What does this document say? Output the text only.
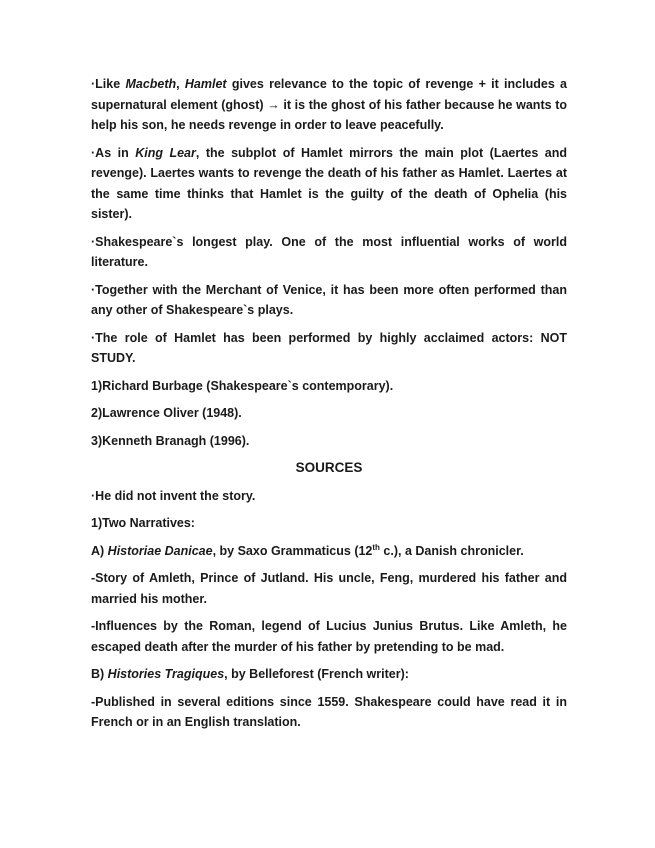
·Like Macbeth, Hamlet gives relevance to the topic of revenge + it includes a supernatural element (ghost) → it is the ghost of his father because he wants to help his son, he needs revenge in order to leave peacefully.

·As in King Lear, the subplot of Hamlet mirrors the main plot (Laertes and revenge). Laertes wants to revenge the death of his father as Hamlet. Laertes at the same time thinks that Hamlet is the guilty of the death of Ophelia (his sister).

·Shakespeare`s longest play. One of the most influential works of world literature.

·Together with the Merchant of Venice, it has been more often performed than any other of Shakespeare`s plays.

·The role of Hamlet has been performed by highly acclaimed actors: NOT STUDY.

1)Richard Burbage (Shakespeare`s contemporary).

2)Lawrence Oliver (1948).

3)Kenneth Branagh (1996).

SOURCES

·He did not invent the story.

1)Two Narratives:

A) Historiae Danicae, by Saxo Grammaticus (12th c.), a Danish chronicler.

-Story of Amleth, Prince of Jutland. His uncle, Feng, murdered his father and married his mother.

-Influences by the Roman, legend of Lucius Junius Brutus. Like Amleth, he escaped death after the murder of his father by pretending to be mad.

B) Histories Tragiques, by Belleforest (French writer):

-Published in several editions since 1559. Shakespeare could have read it in French or in an English translation.
